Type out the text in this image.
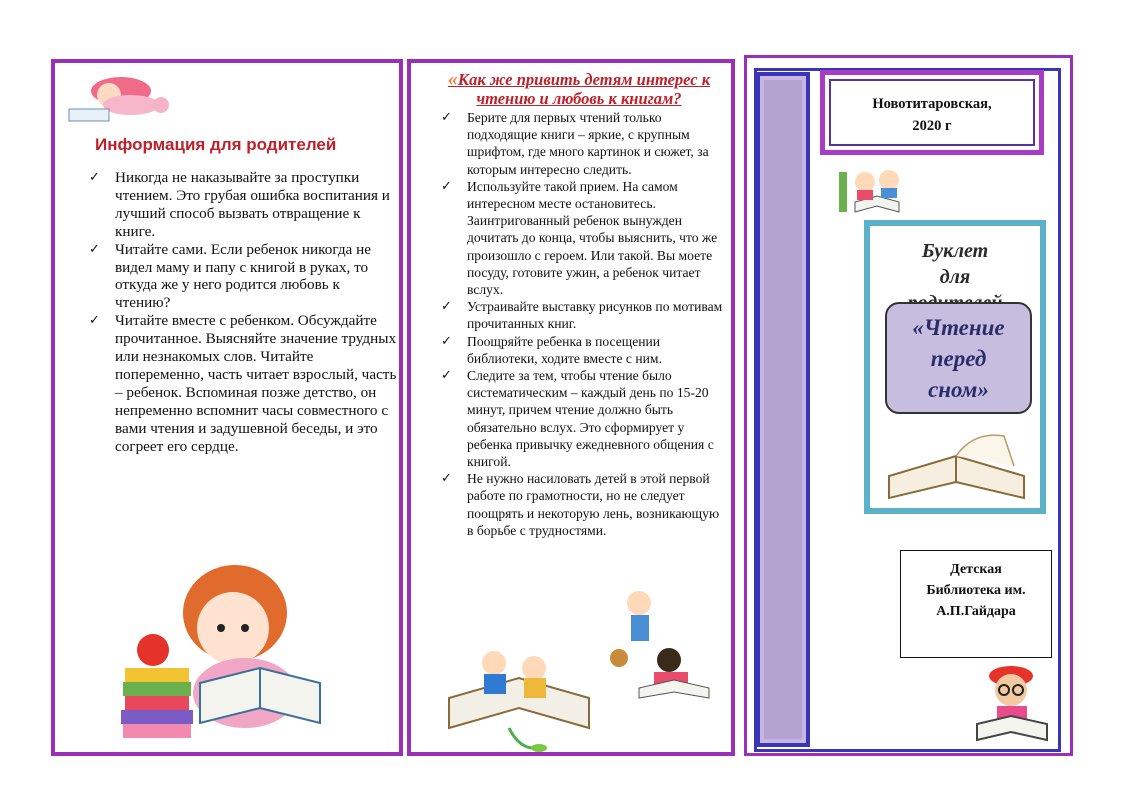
Информация для родителей
✓ Никогда не наказывайте за проступки чтением. Это грубая ошибка воспитания и лучший способ вызвать отвращение к книге.
✓ Читайте сами. Если ребенок никогда не видел маму и папу с книгой в руках, то откуда же у него родится любовь к чтению?
✓ Читайте вместе с ребенком. Обсуждайте прочитанное. Выясняйте значение трудных или незнакомых слов. Читайте попеременно, часть читает взрослый, часть – ребенок. Вспоминая позже детство, он непременно вспомнит часы совместного с вами чтения и задушевной беседы, и это согреет его сердце.
«Как же привить детям интерес к чтению и любовь к книгам?
✓ Берите для первых чтений только подходящие книги – яркие, с крупным шрифтом, где много картинок и сюжет, за которым интересно следить.
✓ Используйте такой прием. На самом интересном месте остановитесь. Заинтригованный ребенок вынужден дочитать до конца, чтобы выяснить, что же произошло с героем. Или такой. Вы моете посуду, готовите ужин, а ребенок читает вслух.
✓ Устраивайте выставку рисунков по мотивам прочитанных книг.
✓ Поощряйте ребенка в посещении библиотеки, ходите вместе с ним.
✓ Следите за тем, чтобы чтение было систематическим – каждый день по 15-20 минут, причем чтение должно быть обязательно вслух. Это сформирует у ребенка привычку ежедневного общения с книгой.
✓ Не нужно насиловать детей в этой первой работе по грамотности, но не следует поощрять и некоторую лень, возникающую в борьбе с трудностями.
Новотитаровская,
2020 г
Буклет
для
«Чтение
перед
сном»
Детская
Библиотека им.
А.П.Гайдара
